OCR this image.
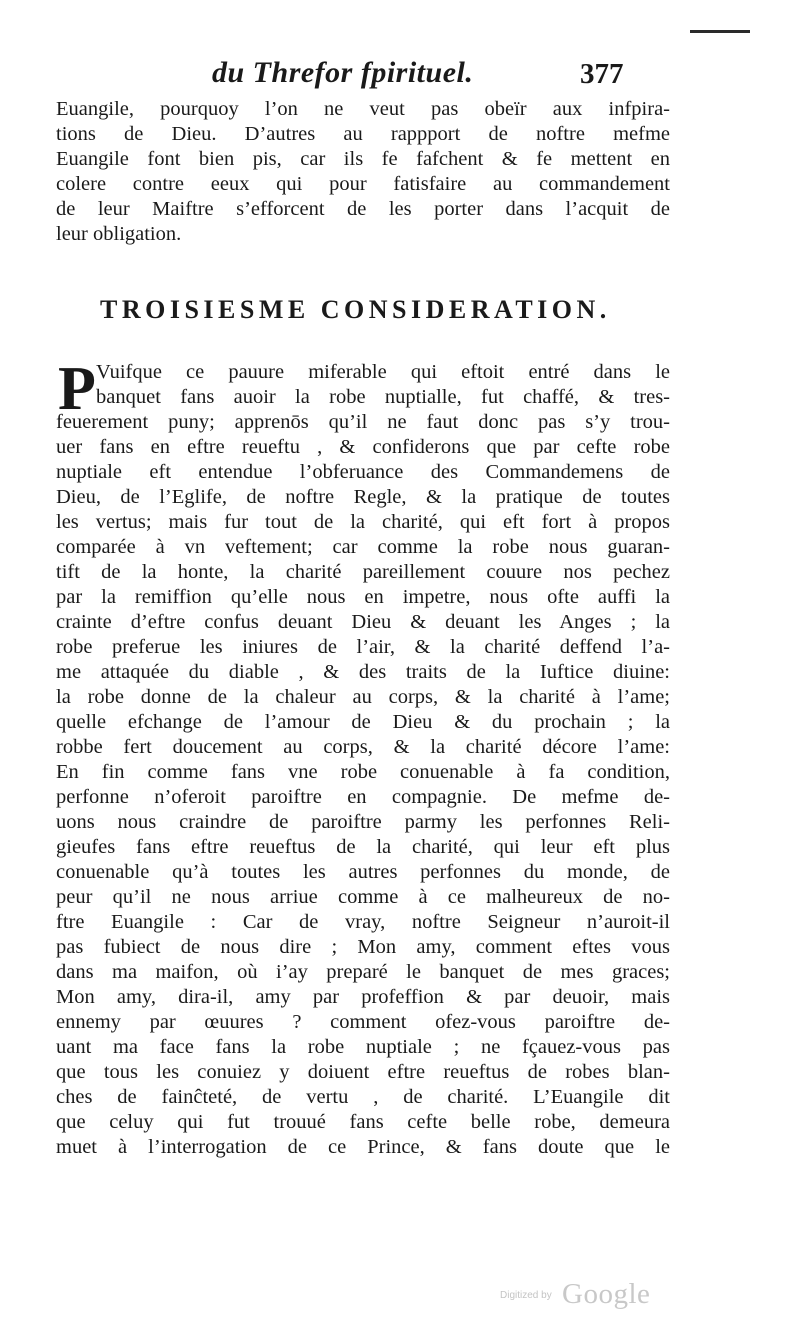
du Threfor fpirituel.	377
Euangile, pourquoy l’on ne veut pas obeïr aux infpira-
tions de Dieu. D’autres au rappport de noftre mefme
Euangile font bien pis, car ils fe fafchent & fe mettent en
colere contre eeux qui pour fatisfaire au commandement
de leur Maiftre s’efforcent de les porter dans l’acquit de
leur obligation.
TROISIESME CONSIDERATION.
P Vuifque ce pauure miferable qui eftoit entré dans le
banquet fans auoir la robe nuptialle, fut chaffé, & tres-
feuerement puny; apprenōs qu’il ne faut donc pas s’y trou-
uer fans en eftre reueftu , & confiderons que par cefte robe
nuptiale eft entendue l’obferuance des Commandemens de
Dieu, de l’Eglife, de noftre Regle, & la pratique de toutes
les vertus; mais fur tout de la charité, qui eft fort à propos
comparée à vn veftement; car comme la robe nous guaran-
tift de la honte, la charité pareillement couure nos pechez
par la remiffion qu’elle nous en impetre, nous ofte auffi la
crainte d’eftre confus deuant Dieu & deuant les Anges ; la
robe preferue les iniures de l’air, & la charité deffend l’a-
me attaquée du diable , & des traits de la Iuftice diuine:
la robe donne de la chaleur au corps, & la charité à l’ame;
quelle efchange de l’amour de Dieu & du prochain ; la
robbe fert doucement au corps, & la charité décore l’ame:
En fin comme fans vne robe conuenable à fa condition,
perfonne n’oferoit paroiftre en compagnie. De mefme de-
uons nous craindre de paroiftre parmy les perfonnes Reli-
gieufes fans eftre reueftus de la charité, qui leur eft plus
conuenable qu’à toutes les autres perfonnes du monde, de
peur qu’il ne nous arriue comme à ce malheureux de no-
ftre Euangile : Car de vray, noftre Seigneur n’auroit-il
pas fubiect de nous dire ; Mon amy, comment eftes vous
dans ma maifon, où i’ay preparé le banquet de mes graces;
Mon amy, dira-il, amy par profeffion & par deuoir, mais
ennemy par œuures ? comment ofez-vous paroiftre de-
uant ma face fans la robe nuptiale ; ne fçauez-vous pas
que tous les conuiez y doiuent eftre reueftus de robes blan-
ches de fainĉteté, de vertu , de charité. L’Euangile dit
que celuy qui fut trouué fans cefte belle robe, demeura
muet à l’interrogation de ce Prince, & fans doute que le
Digitized by Google
